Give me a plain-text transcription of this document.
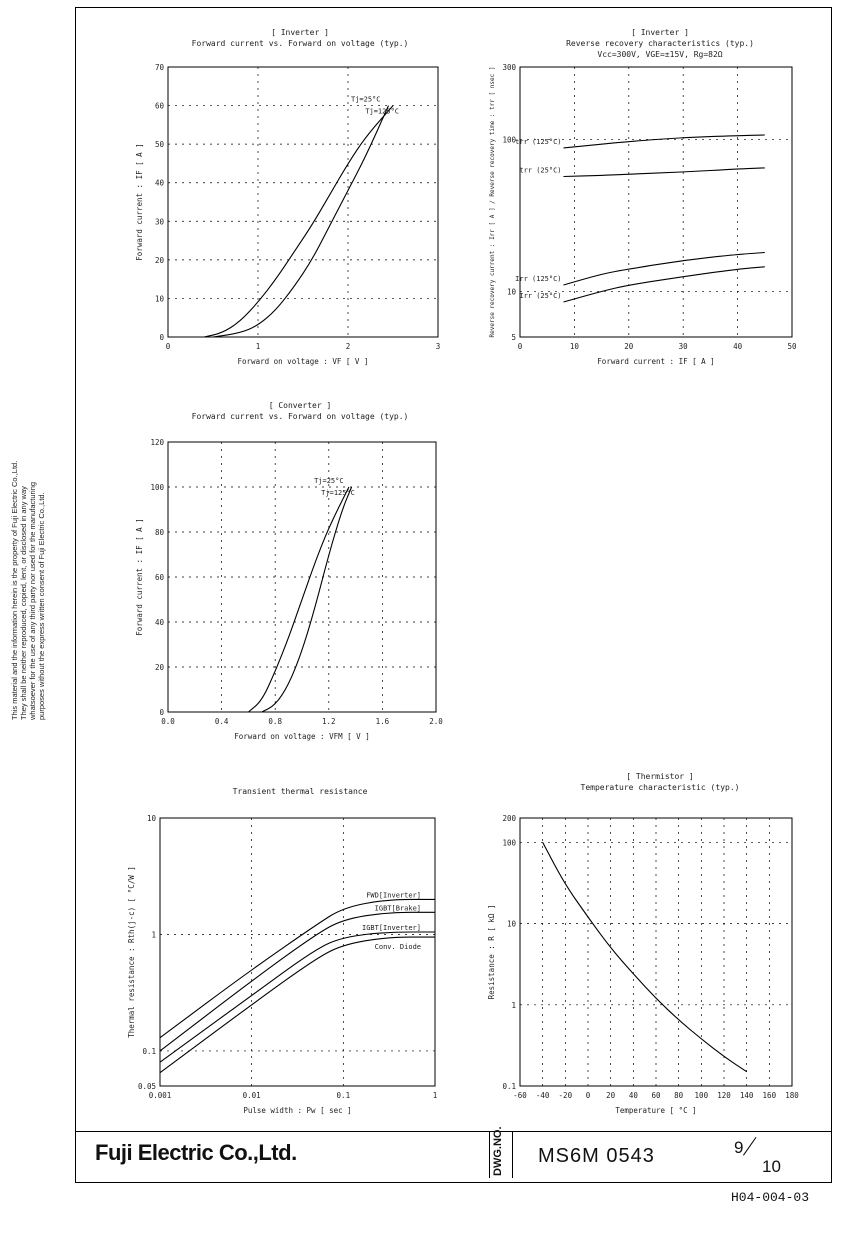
This material and the information herein is the property of Fuji Electric Co.,Ltd. They shall be neither reproduced, copied, lent, or disclosed in any way whatsoever for the use of any third party nor used for the manufacturing purposes without the express written consent of Fuji Electric Co.,Ltd.
[ Inverter ]
Forward current vs. Forward on voltage (typ.)
[ Inverter ]
Reverse recovery characteristics (typ.)
Vcc=300V, VGE=±15V, Rg=82Ω
[ Converter ]
Forward current vs. Forward on voltage (typ.)
Transient thermal resistance
[ Thermistor ]
Temperature characteristic (typ.)
0	1	2	3
0
10
20
30
40
50
60
70
Forward on voltage : VF [ V ]
Forward current : IF [ A ]
Tj=25°C
Tj=125°C
0	10	20	30	40	50
5
10
100
300
Forward current : IF [ A ]
Reverse recovery current : Irr [ A ] / Reverse recovery time : trr [ nsec ]	trr (125°C)
trr (25°C)
Irr (125°C)
Irr (25°C)
0.0	0.4	0.8	1.2	1.6	2.0
0
20
40
60
80
100
120
Forward on voltage : VFM [ V ]
Forward current : IF [ A ]
Tj=25°C
Tj=125°C
0.001	0.01	0.1	1
0.05
0.1
1
10
Pulse width : Pw [ sec ]
Thermal resistance : Rth(j-c) [ °C/W ]	FWD[Inverter]
IGBT[Brake]
IGBT[Inverter]
Conv. Diode
-60 -40 -20 0 20 40 60 80 100 120 140 160 180
0.1
1
10
100
200
Temperature [ °C ]
Resistance : R [ kΩ ]
Fuji Electric Co.,Ltd.	DWG.NO. MS6M 0543	9
10
H04-004-03
